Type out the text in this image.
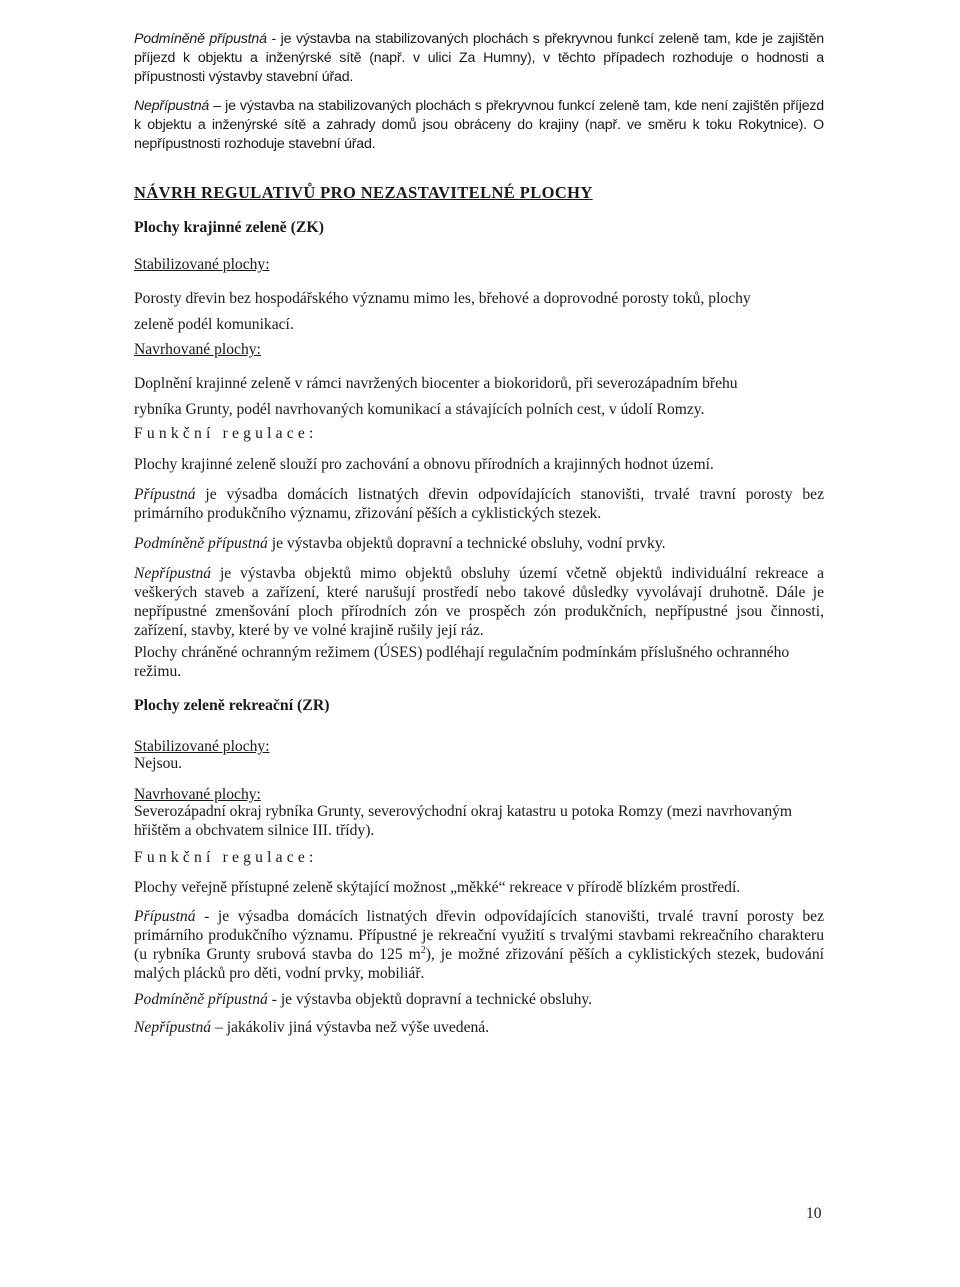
Podmíněně přípustná - je výstavba na stabilizovaných plochách s překryvnou funkcí zeleně tam, kde je zajištěn příjezd k objektu a inženýrské sítě (např. v ulici Za Humny), v těchto případech rozhoduje o hodnosti a přípustnosti výstavby stavební úřad.

Nepřípustná – je výstavba na stabilizovaných plochách s překryvnou funkcí zeleně tam, kde není zajištěn příjezd k objektu a inženýrské sítě a zahrady domů jsou obráceny do krajiny (např. ve směru k toku Rokytnice). O nepřípustnosti rozhoduje stavební úřad.

NÁVRH REGULATIVŮ PRO NEZASTAVITELNÉ PLOCHY
Plochy krajinné zeleně (ZK)
Stabilizované plochy:

Porosty dřevin bez hospodářského významu mimo les, břehové a doprovodné porosty toků, plochy zeleně podél komunikací.

Navrhované plochy:

Doplnění krajinné zeleně v rámci navržených biocenter a biokoridorů, při severozápadním břehu rybníka Grunty, podél navrhovaných komunikací a stávajících polních cest, v údolí Romzy.

Funkční regulace:

Plochy krajinné zeleně slouží pro zachování a obnovu přírodních a krajinných hodnot území.

Přípustná je výsadba domácích listnatých dřevin odpovídajících stanovišti, trvalé travní porosty bez primárního produkčního významu, zřizování pěších a cyklistických stezek.

Podmíněně přípustná je výstavba objektů dopravní a technické obsluhy, vodní prvky.

Nepřípustná je výstavba objektů mimo objektů obsluhy území včetně objektů individuální rekreace a veškerých staveb a zařízení, které narušují prostředí nebo takové důsledky vyvolávají druhotně. Dále je nepřípustné zmenšování ploch přírodních zón ve prospěch zón produkčních, nepřípustné jsou činnosti, zařízení, stavby, které by ve volné krajině rušily její ráz.

Plochy chráněné ochranným režimem (ÚSES) podléhají regulačním podmínkám příslušného ochranného režimu.

Plochy zeleně rekreační (ZR)
Stabilizované plochy:
Nejsou.
Navrhované plochy:

Severozápadní okraj rybníka Grunty, severovýchodní okraj katastru u potoka Romzy (mezi navrhovaným hřištěm a obchvatem silnice III. třídy).

Funkční regulace:

Plochy veřejně přístupné zeleně skýtající možnost „měkké“ rekreace v přírodě blízkém prostředí.

Přípustná - je výsadba domácích listnatých dřevin odpovídajících stanovišti, trvalé travní porosty bez primárního produkčního významu. Přípustné je rekreační využití s trvalými stavbami rekreačního charakteru (u rybníka Grunty srubová stavba do 125 $m^2$), je možné zřizování pěších a cyklistických stezek, budování malých plácků pro děti, vodní prvky, mobiliář.

Podmíněně přípustná - je výstavba objektů dopravní a technické obsluhy.

Nepřípustná – jakákoliv jiná výstavba než výše uvedená.

10
